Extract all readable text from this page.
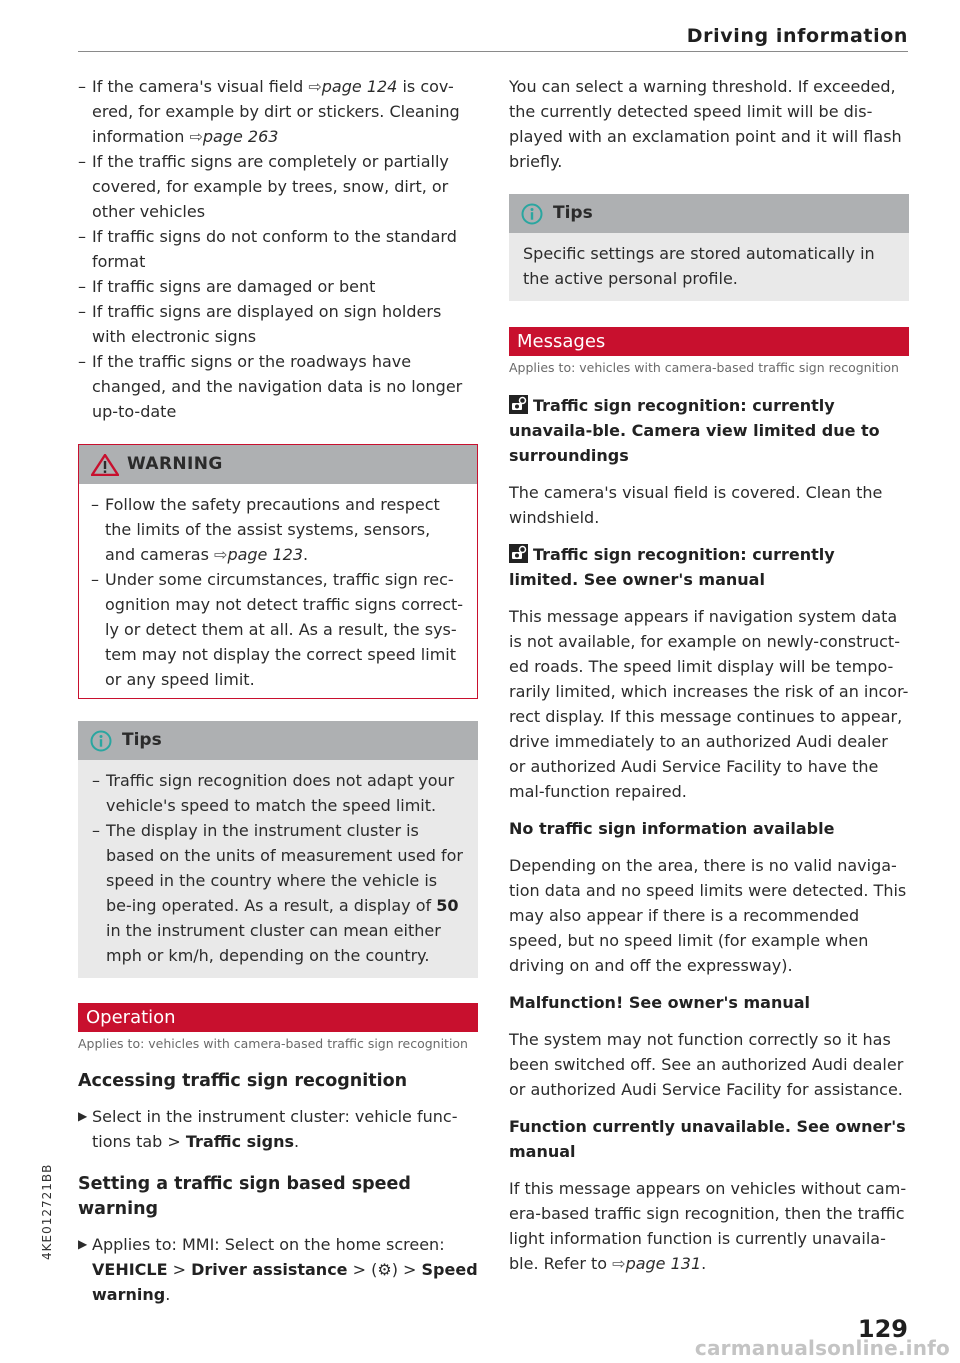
Driving information
4KE012721BB
– If the camera's visual field ⇨page 124 is cov-ered, for example by dirt or stickers. Cleaning information ⇨page 263
– If the traffic signs are completely or partially covered, for example by trees, snow, dirt, or other vehicles
– If traffic signs do not conform to the standard format
– If traffic signs are damaged or bent
– If traffic signs are displayed on sign holders with electronic signs
– If the traffic signs or the roadways have changed, and the navigation data is no longer up-to-date
WARNING
– Follow the safety precautions and respect the limits of the assist systems, sensors, and cameras ⇨page 123.
– Under some circumstances, traffic sign rec-ognition may not detect traffic signs correct-ly or detect them at all. As a result, the sys-tem may not display the correct speed limit or any speed limit.
Tips
– Traffic sign recognition does not adapt your vehicle's speed to match the speed limit.
– The display in the instrument cluster is based on the units of measurement used for speed in the country where the vehicle is be-ing operated. As a result, a display of 50 in the instrument cluster can mean either mph or km/h, depending on the country.
Operation
Applies to: vehicles with camera-based traffic sign recognition
Accessing traffic sign recognition
▶ Select in the instrument cluster: vehicle func-tions tab > Traffic signs.
Setting a traffic sign based speed warning
▶ Applies to: MMI: Select on the home screen: VEHICLE > Driver assistance > (⚙) > Speed warning.

You can select a warning threshold. If exceeded, the currently detected speed limit will be dis-played with an exclamation point and it will flash briefly.

Tips

Specific settings are stored automatically in the active personal profile.

Messages
Applies to: vehicles with camera-based traffic sign recognition
Traffic sign recognition: currently unavaila-ble. Camera view limited due to surroundings

The camera's visual field is covered. Clean the windshield.

Traffic sign recognition: currently limited. See owner's manual

This message appears if navigation system data is not available, for example on newly-construct-ed roads. The speed limit display will be tempo-rarily limited, which increases the risk of an incor-rect display. If this message continues to appear, drive immediately to an authorized Audi dealer or authorized Audi Service Facility to have the mal-function repaired.

No traffic sign information available

Depending on the area, there is no valid naviga-tion data and no speed limits were detected. This may also appear if there is a recommended speed, but no speed limit (for example when driving on and off the expressway).

Malfunction! See owner's manual

The system may not function correctly so it has been switched off. See an authorized Audi dealer or authorized Audi Service Facility for assistance.

Function currently unavailable. See owner's manual

If this message appears on vehicles without cam-era-based traffic sign recognition, then the traffic light information function is currently unavaila-ble. Refer to ⇨page 131.

129
carmanualsonline.info
